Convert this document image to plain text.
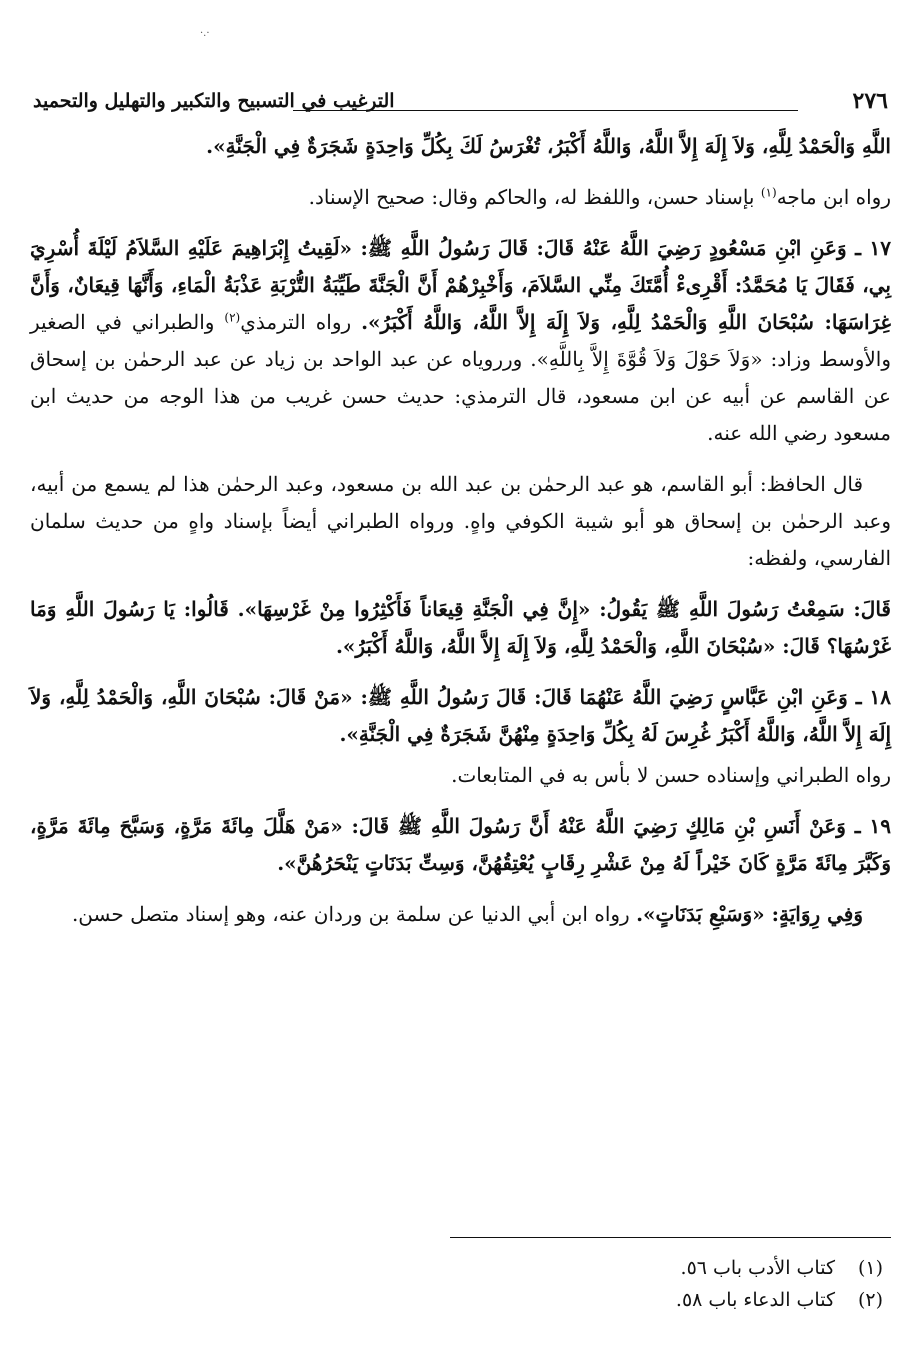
·.·
٢٧٦
الترغيب في التسبيح والتكبير والتهليل والتحميد

اللَّهِ وَالْحَمْدُ لِلَّهِ، وَلاَ إِلَهَ إِلاَّ اللَّهُ، وَاللَّهُ أَكْبَرُ، تُغْرَسُ لَكَ بِكُلِّ وَاحِدَةٍ شَجَرَةٌ فِي الْجَنَّةِ».

رواه ابن ماجه$^{(١)}$ بإسناد حسن، واللفظ له، والحاكم وقال: صحيح الإسناد.

١٧ ـ وَعَنِ ابْنِ مَسْعُودٍ رَضِيَ اللَّهُ عَنْهُ قَالَ: قَالَ رَسُولُ اللَّهِ ﷺ: «لَقِيتُ إِبْرَاهِيمَ عَلَيْهِ السَّلاَمُ لَيْلَةَ أُسْرِيَ بِي، فَقَالَ يَا مُحَمَّدُ: أَقْرِىءْ أُمَّتَكَ مِنِّي السَّلاَمَ، وَأَخْبِرْهُمْ أَنَّ الْجَنَّةَ طَيِّبَةُ التُّرْبَةِ عَذْبَةُ الْمَاءِ، وَأَنَّهَا قِيعَانٌ، وَأَنَّ غِرَاسَهَا: سُبْحَانَ اللَّهِ وَالْحَمْدُ لِلَّهِ، وَلاَ إِلَهَ إِلاَّ اللَّهُ، وَاللَّهُ أَكْبَرُ». رواه الترمذي$^{(٢)}$ والطبراني في الصغير والأوسط وزاد: «وَلاَ حَوْلَ وَلاَ قُوَّةَ إِلاَّ بِاللَّهِ». ورروياه عن عبد الواحد بن زياد عن عبد الرحمٰن بن إسحاق عن القاسم عن أبيه عن ابن مسعود، قال الترمذي: حديث حسن غريب من هذا الوجه من حديث ابن مسعود رضي الله عنه.

قال الحافظ: أبو القاسم، هو عبد الرحمٰن بن عبد الله بن مسعود، وعبد الرحمٰن هذا لم يسمع من أبيه، وعبد الرحمٰن بن إسحاق هو أبو شيبة الكوفي واهٍ. ورواه الطبراني أيضاً بإسناد واهٍ من حديث سلمان الفارسي، ولفظه:

قَالَ: سَمِعْتُ رَسُولَ اللَّهِ ﷺ يَقُولُ: «إِنَّ فِي الْجَنَّةِ قِيعَاناً فَأَكْثِرُوا مِنْ غَرْسِهَا». قَالُوا: يَا رَسُولَ اللَّهِ وَمَا غَرْسُهَا؟ قَالَ: «سُبْحَانَ اللَّهِ، وَالْحَمْدُ لِلَّهِ، وَلاَ إِلَهَ إِلاَّ اللَّهُ، وَاللَّهُ أَكْبَرُ».

١٨ ـ وَعَنِ ابْنِ عَبَّاسٍ رَضِيَ اللَّهُ عَنْهُمَا قَالَ: قَالَ رَسُولُ اللَّهِ ﷺ: «مَنْ قَالَ: سُبْحَانَ اللَّهِ، وَالْحَمْدُ لِلَّهِ، وَلاَ إِلَهَ إِلاَّ اللَّهُ، وَاللَّهُ أَكْبَرُ غُرِسَ لَهُ بِكُلِّ وَاحِدَةٍ مِنْهُنَّ شَجَرَةٌ فِي الْجَنَّةِ».

رواه الطبراني وإسناده حسن لا بأس به في المتابعات.

١٩ ـ وَعَنْ أَنَسِ بْنِ مَالِكٍ رَضِيَ اللَّهُ عَنْهُ أَنَّ رَسُولَ اللَّهِ ﷺ قَالَ: «مَنْ هَلَّلَ مِائَةَ مَرَّةٍ، وَسَبَّحَ مِائَةَ مَرَّةٍ، وَكَبَّرَ مِائَةَ مَرَّةٍ كَانَ خَيْراً لَهُ مِنْ عَشْرِ رِقَابٍ يُعْتِقُهُنَّ، وَسِتِّ بَدَنَاتٍ يَنْحَرُهُنَّ».

وَفِي رِوَايَةٍ: «وَسَبْعِ بَدَنَاتٍ». رواه ابن أبي الدنيا عن سلمة بن وردان عنه، وهو إسناد متصل حسن.

(١)كتاب الأدب باب ٥٦.
(٢)كتاب الدعاء باب ٥٨.
